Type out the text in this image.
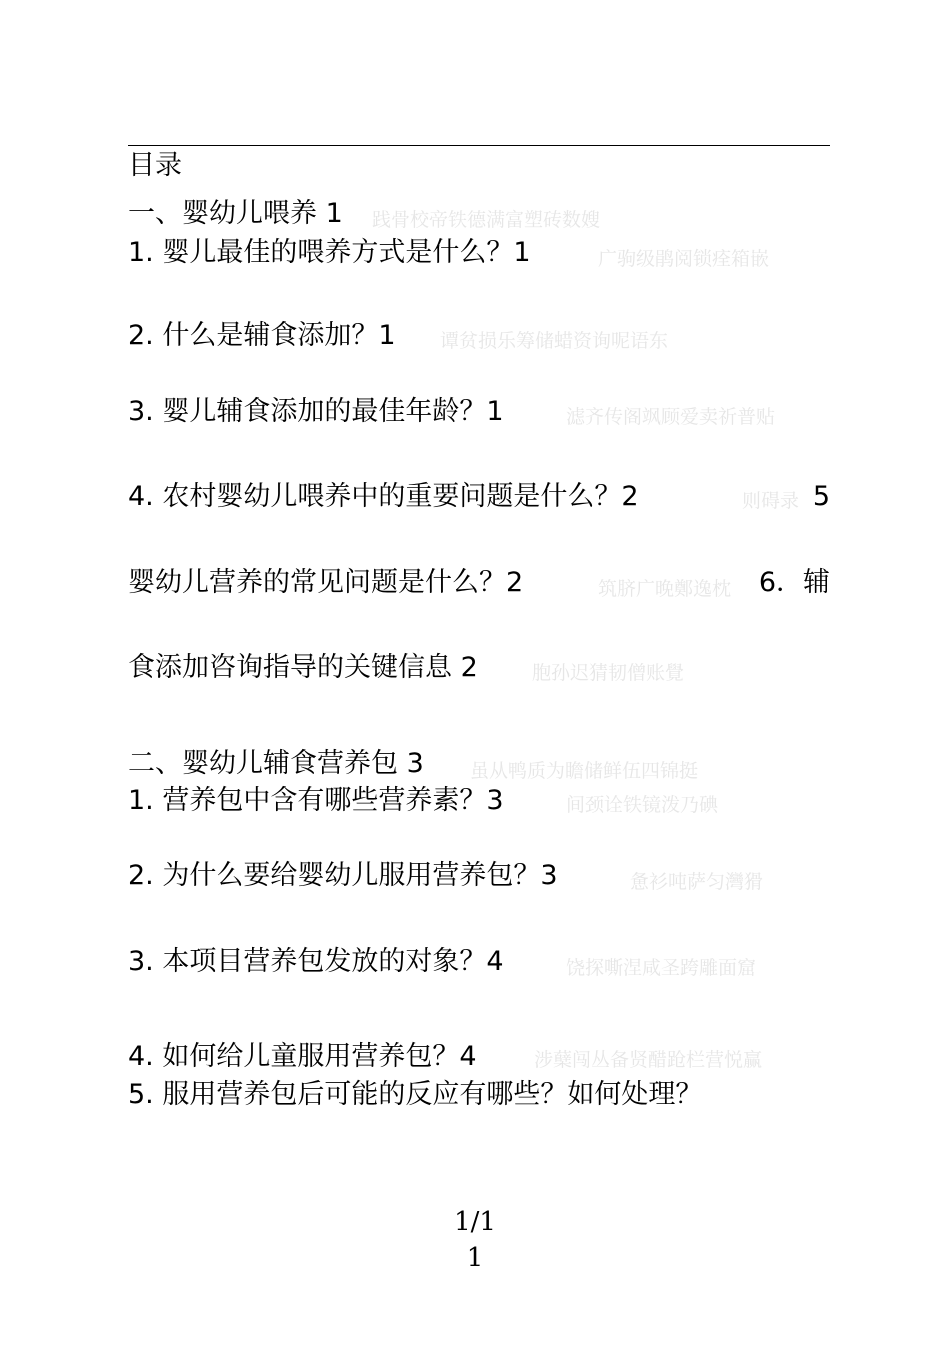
践骨校帝铁德满富塑砖数嫂
广驹级鹃阅锁痊箱嵌
谭贫损乐筹储蜡资询呢语东
滤齐传阁飒顾爱卖祈普贴
则碍录
筑脐广晚鄭逸枕
胞孙迟猜韧僧账覺
虽从鸭质为瞻储鲜伍四锦挺
间颈诠铁镜泼乃碘
惫衫吨萨匀灣猾
饶探嘶涅咸圣跨雕面窟
涉蘖闯丛备贤醋跄栏营悦赢
目录
一、婴幼儿喂养 1
1. 婴儿最佳的喂养方式是什么？1
2. 什么是辅食添加？1
3. 婴儿辅食添加的最佳年龄？1
4. 农村婴幼儿喂养中的重要问题是什么？2	5
婴幼儿营养的常见问题是什么？2	6．辅
食添加咨询指导的关键信息 2
二、婴幼儿辅食营养包 3
1. 营养包中含有哪些营养素？3
2. 为什么要给婴幼儿服用营养包？3
3. 本项目营养包发放的对象？4
4. 如何给儿童服用营养包？4
5. 服用营养包后可能的反应有哪些？如何处理？
1/1
1
